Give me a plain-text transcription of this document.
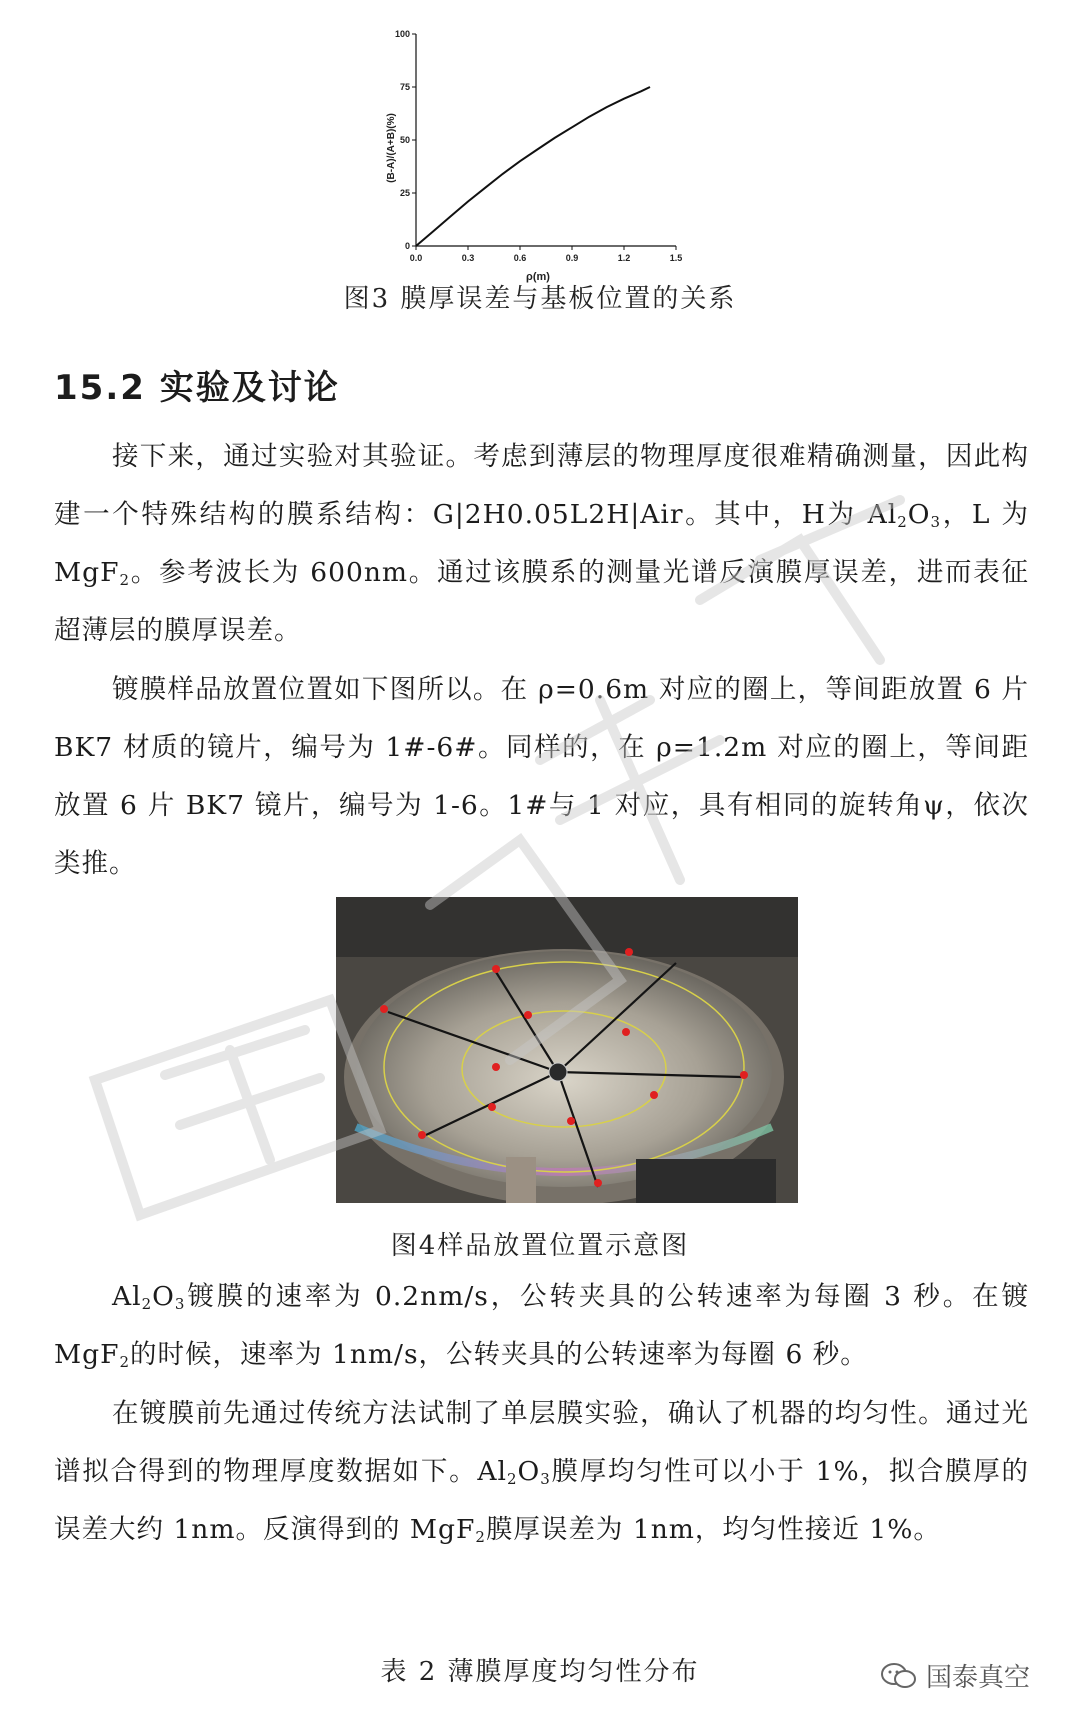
0.0	0.3	0.6	0.9	1.2	1.5
0
25
50
75
100
ρ(m)
(B-A)/(A+B)(%)
图3 膜厚误差与基板位置的关系
15.2 实验及讨论

接下来，通过实验对其验证。考虑到薄层的物理厚度很难精确测量，因此构建一个特殊结构的膜系结构：G|2H0.05L2H|Air。其中，H为 $Al_2O_3$，L 为 MgF$_2$。参考波长为 600nm。通过该膜系的测量光谱反演膜厚误差，进而表征超薄层的膜厚误差。

镀膜样品放置位置如下图所以。在 ρ=0.6m 对应的圈上，等间距放置 6 片 BK7 材质的镜片，编号为 1#-6#。同样的，在 ρ=1.2m 对应的圈上，等间距放置 6 片 BK7 镜片，编号为 1-6。1#与 1 对应，具有相同的旋转角ψ，依次类推。

图4样品放置位置示意图

$Al_2O_3$镀膜的速率为 0.2nm/s，公转夹具的公转速率为每圈 3 秒。在镀 MgF$_2$的时候，速率为 1nm/s，公转夹具的公转速率为每圈 6 秒。

在镀膜前先通过传统方法试制了单层膜实验，确认了机器的均匀性。通过光谱拟合得到的物理厚度数据如下。$Al_2O_3$膜厚均匀性可以小于 1%，拟合膜厚的误差大约 1nm。反演得到的 MgF$_2$膜厚误差为 1nm，均匀性接近 1%。

表 2 薄膜厚度均匀性分布	国泰真空
